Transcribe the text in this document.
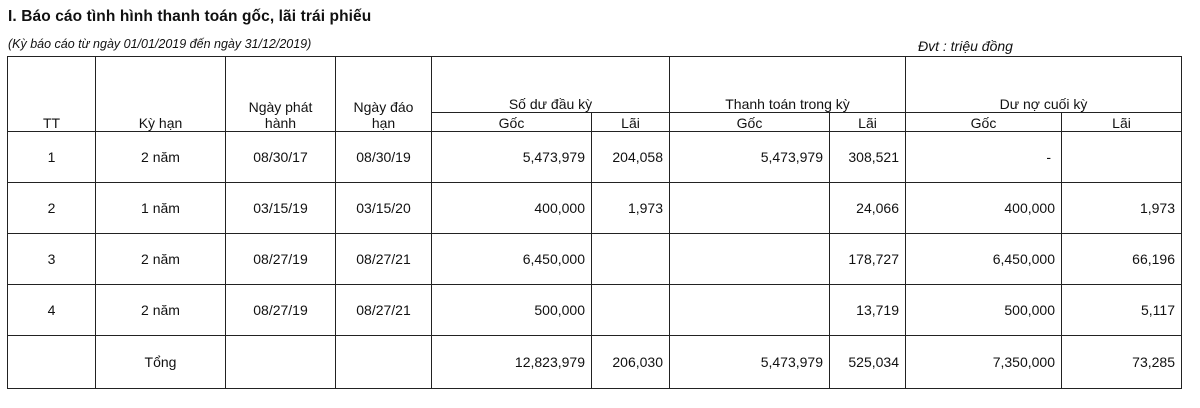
I. Báo cáo tình hình thanh toán gốc, lãi trái phiếu
(Kỳ báo cáo từ ngày 01/01/2019 đến ngày 31/12/2019)	Đvt : triệu đồng
TT	Kỳ hạn	Ngày phát hành	Ngày đáo hạn	Số dư đầu kỳ		Thanh toán trong kỳ		Dư nợ cuối kỳ	
				Gốc	Lãi	Gốc	Lãi	Gốc	Lãi
1	2 năm	08/30/17	08/30/19	5,473,979	204,058	5,473,979	308,521	-	
2	1 năm	03/15/19	03/15/20	400,000	1,973		24,066	400,000	1,973
3	2 năm	08/27/19	08/27/21	6,450,000			178,727	6,450,000	66,196
4	2 năm	08/27/19	08/27/21	500,000			13,719	500,000	5,117
	Tổng			12,823,979	206,030	5,473,979	525,034	7,350,000	73,285
